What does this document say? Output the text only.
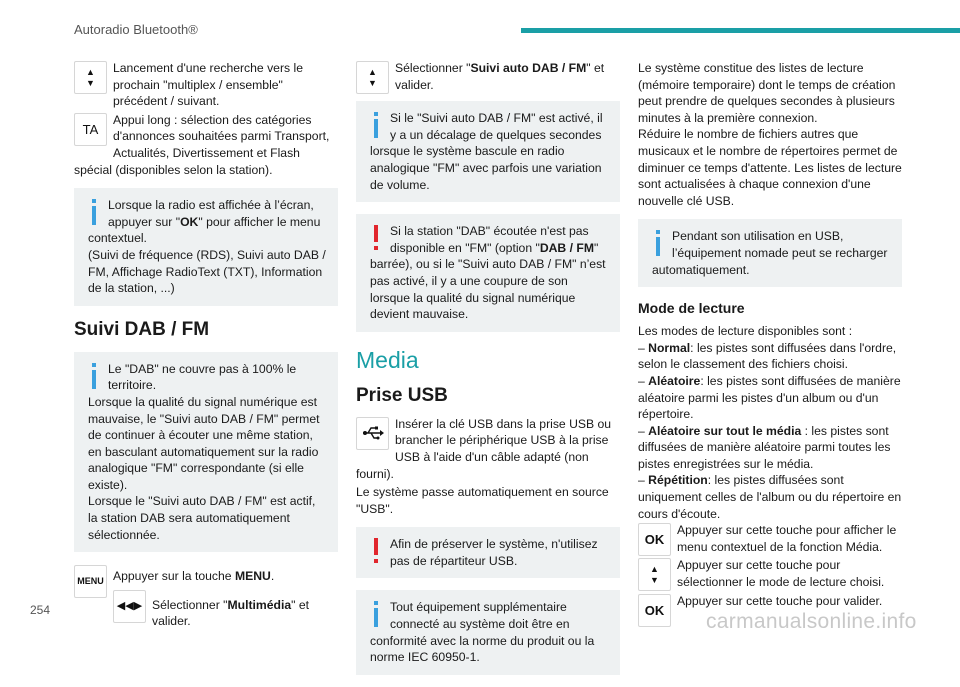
Autoradio Bluetooth®
▲
▼

Lancement d'une recherche vers le prochain "multiplex / ensemble" précédent / suivant.

TA

Appui long : sélection des catégories d'annonces souhaitées parmi Transport, Actualités, Divertissement et Flash spécial (disponibles selon la station).

Lorsque la radio est affichée à l’écran, appuyer sur "OK" pour afficher le menu contextuel.

(Suivi de fréquence (RDS), Suivi auto DAB / FM, Affichage RadioText (TXT), Information de la station, ...)

Suivi DAB / FM

Le "DAB" ne couvre pas à 100% le territoire.

Lorsque la qualité du signal numérique est mauvaise, le "Suivi auto DAB / FM" permet de continuer à écouter une même station, en basculant automatiquement sur la radio analogique "FM" correspondante (si elle existe).

Lorsque le "Suivi auto DAB / FM" est actif, la station DAB sera automatiquement sélectionnée.

MENU Appuyer sur la touche MENU.

◀◀▶ Sélectionner "Multimédia" et valider.

▲
▼

Sélectionner "Suivi auto DAB / FM" et valider.

Si le "Suivi auto DAB / FM" est activé, il y a un décalage de quelques secondes lorsque le système bascule en radio analogique "FM" avec parfois une variation de volume.

Si la station "DAB" écoutée n'est pas disponible en "FM" (option "DAB / FM" barrée), ou si le "Suivi auto DAB / FM" n’est pas activé, il y a une coupure de son lorsque la qualité du signal numérique devient mauvaise.

Media
Prise USB

Insérer la clé USB dans la prise USB ou brancher le périphérique USB à la prise USB à l'aide d'un câble adapté (non fourni).

Le système passe automatiquement en source "USB".

Afin de préserver le système, n'utilisez pas de répartiteur USB.

Tout équipement supplémentaire connecté au système doit être en conformité avec la norme du produit ou la norme IEC 60950-1.

Le système constitue des listes de lecture (mémoire temporaire) dont le temps de création peut prendre de quelques secondes à plusieurs minutes à la première connexion.

Réduire le nombre de fichiers autres que musicaux et le nombre de répertoires permet de diminuer ce temps d'attente. Les listes de lecture sont actualisées à chaque connexion d'une nouvelle clé USB.

Pendant son utilisation en USB, l’équipement nomade peut se recharger automatiquement.

Mode de lecture

Les modes de lecture disponibles sont :

– Normal: les pistes sont diffusées dans l'ordre, selon le classement des fichiers choisi.

– Aléatoire: les pistes sont diffusées de manière aléatoire parmi les pistes d'un album ou d'un répertoire.

– Aléatoire sur tout le média : les pistes sont diffusées de manière aléatoire parmi toutes les pistes enregistrées sur le média.

– Répétition: les pistes diffusées sont uniquement celles de l'album ou du répertoire en cours d'écoute.

OK

Appuyer sur cette touche pour afficher le menu contextuel de la fonction Média.

▲
▼

Appuyer sur cette touche pour sélectionner le mode de lecture choisi.

OK

Appuyer sur cette touche pour valider.

254	carmanualsonline.info
